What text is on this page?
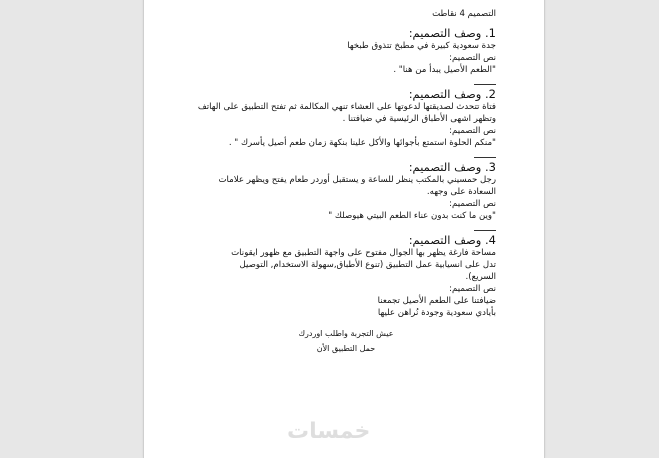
التصميم 4 نقاطت
1. وصف التصميم:
جدة سعودية كبيرة في مطبخ تتذوق طبخها
نص التصميم:
"الطعم الأصيل يبدأ من هنا" .
2. وصف التصميم:
فتاة تتحدث لصديقتها لدعوتها على العشاء تنهي المكالمة ثم تفتح التطبيق على الهاتف
وتظهر اشهى الأطباق الرئيسية في ضيافتنا .
نص التصميم:
"منكم الحلوة استمتع بأجوائها والأكل علينا بنكهة زمان طعم أصيل يأسرك " .
3. وصف التصميم:
رجل حمسيني بالمكتب ينظر للساعة و يستقبل أوردر طعام يفتح ويظهر علامات
السعادة على وجهه.
نص التصميم:
"وين ما كنت بدون عناء الطعم البيتي هيوصلك "
4. وصف التصميم:
مساحة فارغة يظهر بها الجوال مفتوح على واجهة التطبيق مع ظهور ايقونات
تدل على انسيابية عمل التطبيق (تنوع الأطباق,سهولة الاستخدام, التوصيل
السريع).
نص التصميم:
ضيافتنا على الطعم الأصيل تجمعنا
بأيادي سعودية وجودة نُراهن عليها
عيش التجربة واطلب اوردرك
حمل التطبيق الأن
خمسات
